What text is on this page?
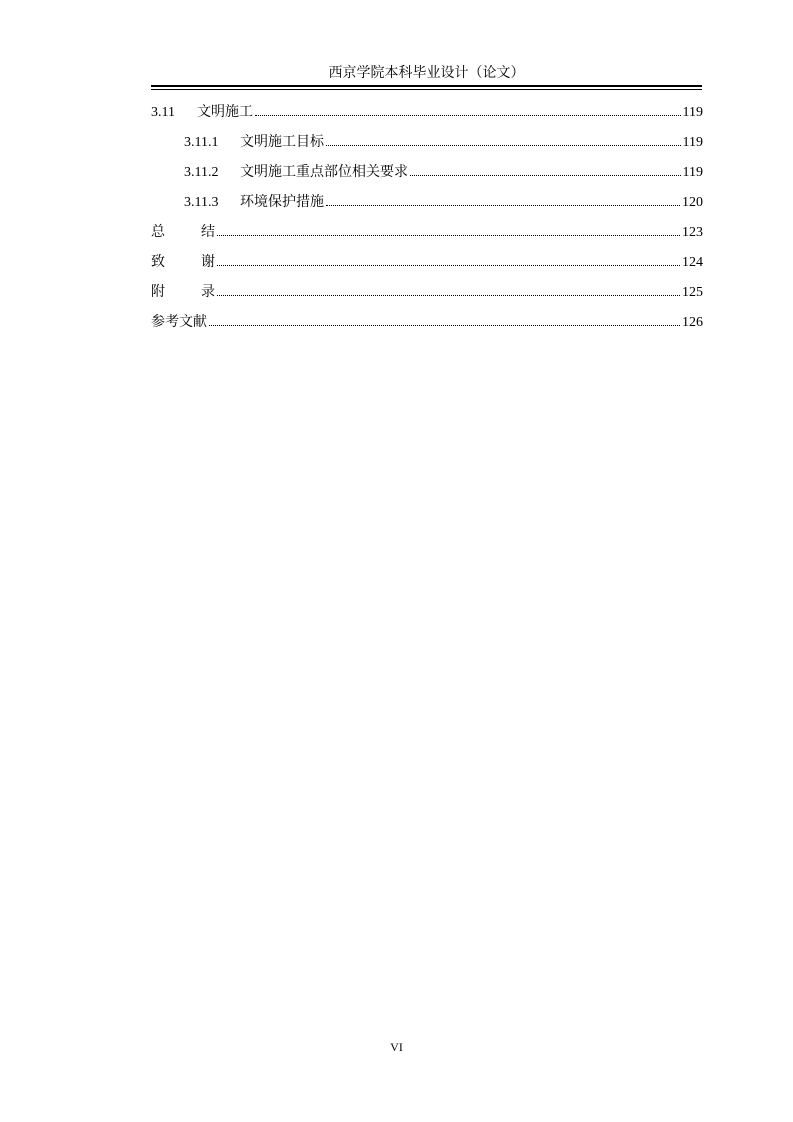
西京学院本科毕业设计（论文）
3.11	文明施工	119
3.11.1	文明施工目标	119
3.11.2	文明施工重点部位相关要求	119
3.11.3	环境保护措施	120
总	结	123
致	谢	124
附	录	125
参考文献	126
VI
